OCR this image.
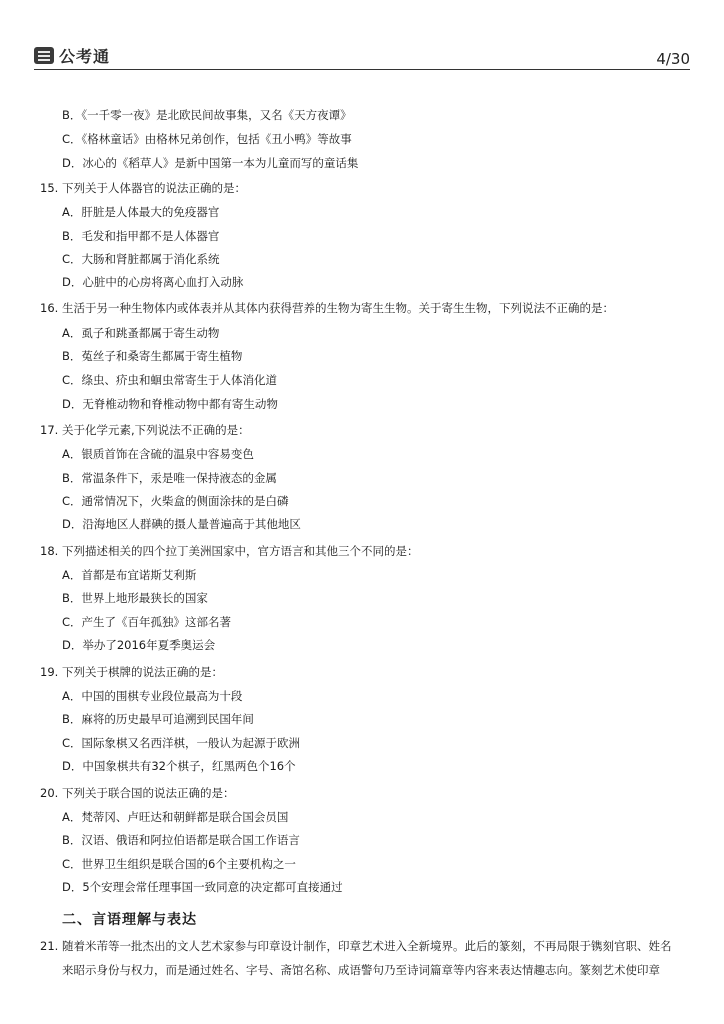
公考通	4/30
B．《一千零一夜》是北欧民间故事集，又名《天方夜谭》
C．《格林童话》由格林兄弟创作，包括《丑小鸭》等故事
D．冰心的《稻草人》是新中国第一本为儿童而写的童话集
15. 下列关于人体器官的说法正确的是：
A．肝脏是人体最大的免疫器官
B．毛发和指甲都不是人体器官
C．大肠和肾脏都属于消化系统
D．心脏中的心房将离心血打入动脉
16. 生活于另一种生物体内或体表并从其体内获得营养的生物为寄生生物。关于寄生生物，下列说法不正确的是：
A．虱子和跳蚤都属于寄生动物
B．菟丝子和桑寄生都属于寄生植物
C．绦虫、疥虫和蛔虫常寄生于人体消化道
D．无脊椎动物和脊椎动物中都有寄生动物
17. 关于化学元素,下列说法不正确的是：
A．银质首饰在含硫的温泉中容易变色
B．常温条件下，汞是唯一保持液态的金属
C．通常情况下，火柴盒的侧面涂抹的是白磷
D．沿海地区人群碘的摄人量普遍高于其他地区
18. 下列描述相关的四个拉丁美洲国家中，官方语言和其他三个不同的是：
A．首都是布宜诺斯艾利斯
B．世界上地形最狭长的国家
C．产生了《百年孤独》这部名著
D．举办了2016年夏季奥运会
19. 下列关于棋牌的说法正确的是：
A．中国的围棋专业段位最高为十段
B．麻将的历史最早可追溯到民国年间
C．国际象棋又名西洋棋，一般认为起源于欧洲
D．中国象棋共有32个棋子，红黑两色个16个
20. 下列关于联合国的说法正确的是：
A．梵蒂冈、卢旺达和朝鲜都是联合国会员国
B．汉语、俄语和阿拉伯语都是联合国工作语言
C．世界卫生组织是联合国的6个主要机构之一
D．5个安理会常任理事国一致同意的决定都可直接通过
二、言语理解与表达
21. 随着米芾等一批杰出的文人艺术家参与印章设计制作，印章艺术进入全新境界。此后的篆刻，不再局限于镌刻官职、姓名
来昭示身份与权力，而是通过姓名、字号、斋馆名称、成语警句乃至诗词篇章等内容来表达情趣志向。篆刻艺术使印章
